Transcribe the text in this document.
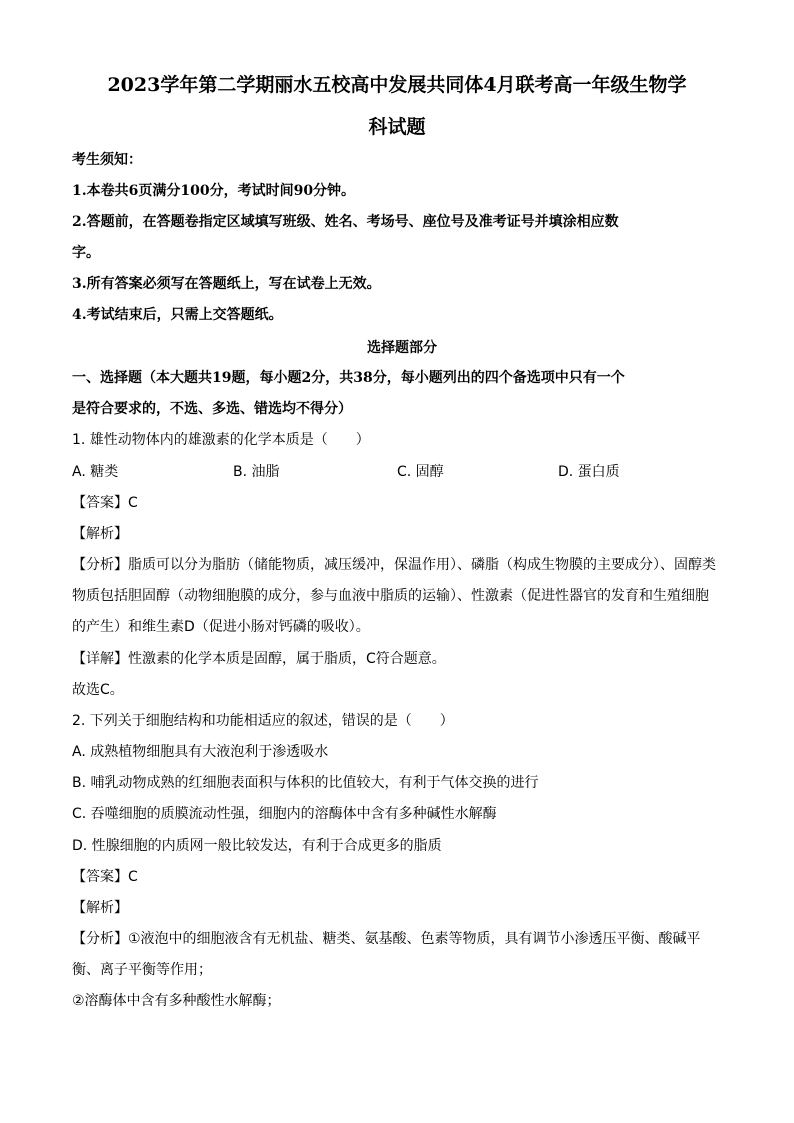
2023学年第二学期丽水五校高中发展共同体4月联考高一年级生物学
科试题
考生须知：
1.本卷共6页满分100分，考试时间90分钟。
2.答题前，在答题卷指定区域填写班级、姓名、考场号、座位号及准考证号并填涂相应数
字。
3.所有答案必须写在答题纸上，写在试卷上无效。
4.考试结束后，只需上交答题纸。
选择题部分
一、选择题（本大题共19题，每小题2分，共38分，每小题列出的四个备选项中只有一个
是符合要求的，不选、多选、错选均不得分）
1. 雄性动物体内的雄激素的化学本质是（　　）
A. 糖类	B. 油脂	C. 固醇	D. 蛋白质
【答案】C
【解析】
【分析】脂质可以分为脂肪（储能物质，减压缓冲，保温作用）、磷脂（构成生物膜的主要成分）、固醇类
物质包括胆固醇（动物细胞膜的成分，参与血液中脂质的运输）、性激素（促进性器官的发育和生殖细胞
的产生）和维生素D（促进小肠对钙磷的吸收）。
【详解】性激素的化学本质是固醇，属于脂质，C符合题意。
故选C。
2. 下列关于细胞结构和功能相适应的叙述，错误的是（　　）
A. 成熟植物细胞具有大液泡利于渗透吸水
B. 哺乳动物成熟的红细胞表面积与体积的比值较大，有利于气体交换的进行
C. 吞噬细胞的质膜流动性强，细胞内的溶酶体中含有多种碱性水解酶
D. 性腺细胞的内质网一般比较发达，有利于合成更多的脂质
【答案】C
【解析】
【分析】①液泡中的细胞液含有无机盐、糖类、氨基酸、色素等物质，具有调节小渗透压平衡、酸碱平
衡、离子平衡等作用；
②溶酶体中含有多种酸性水解酶；
